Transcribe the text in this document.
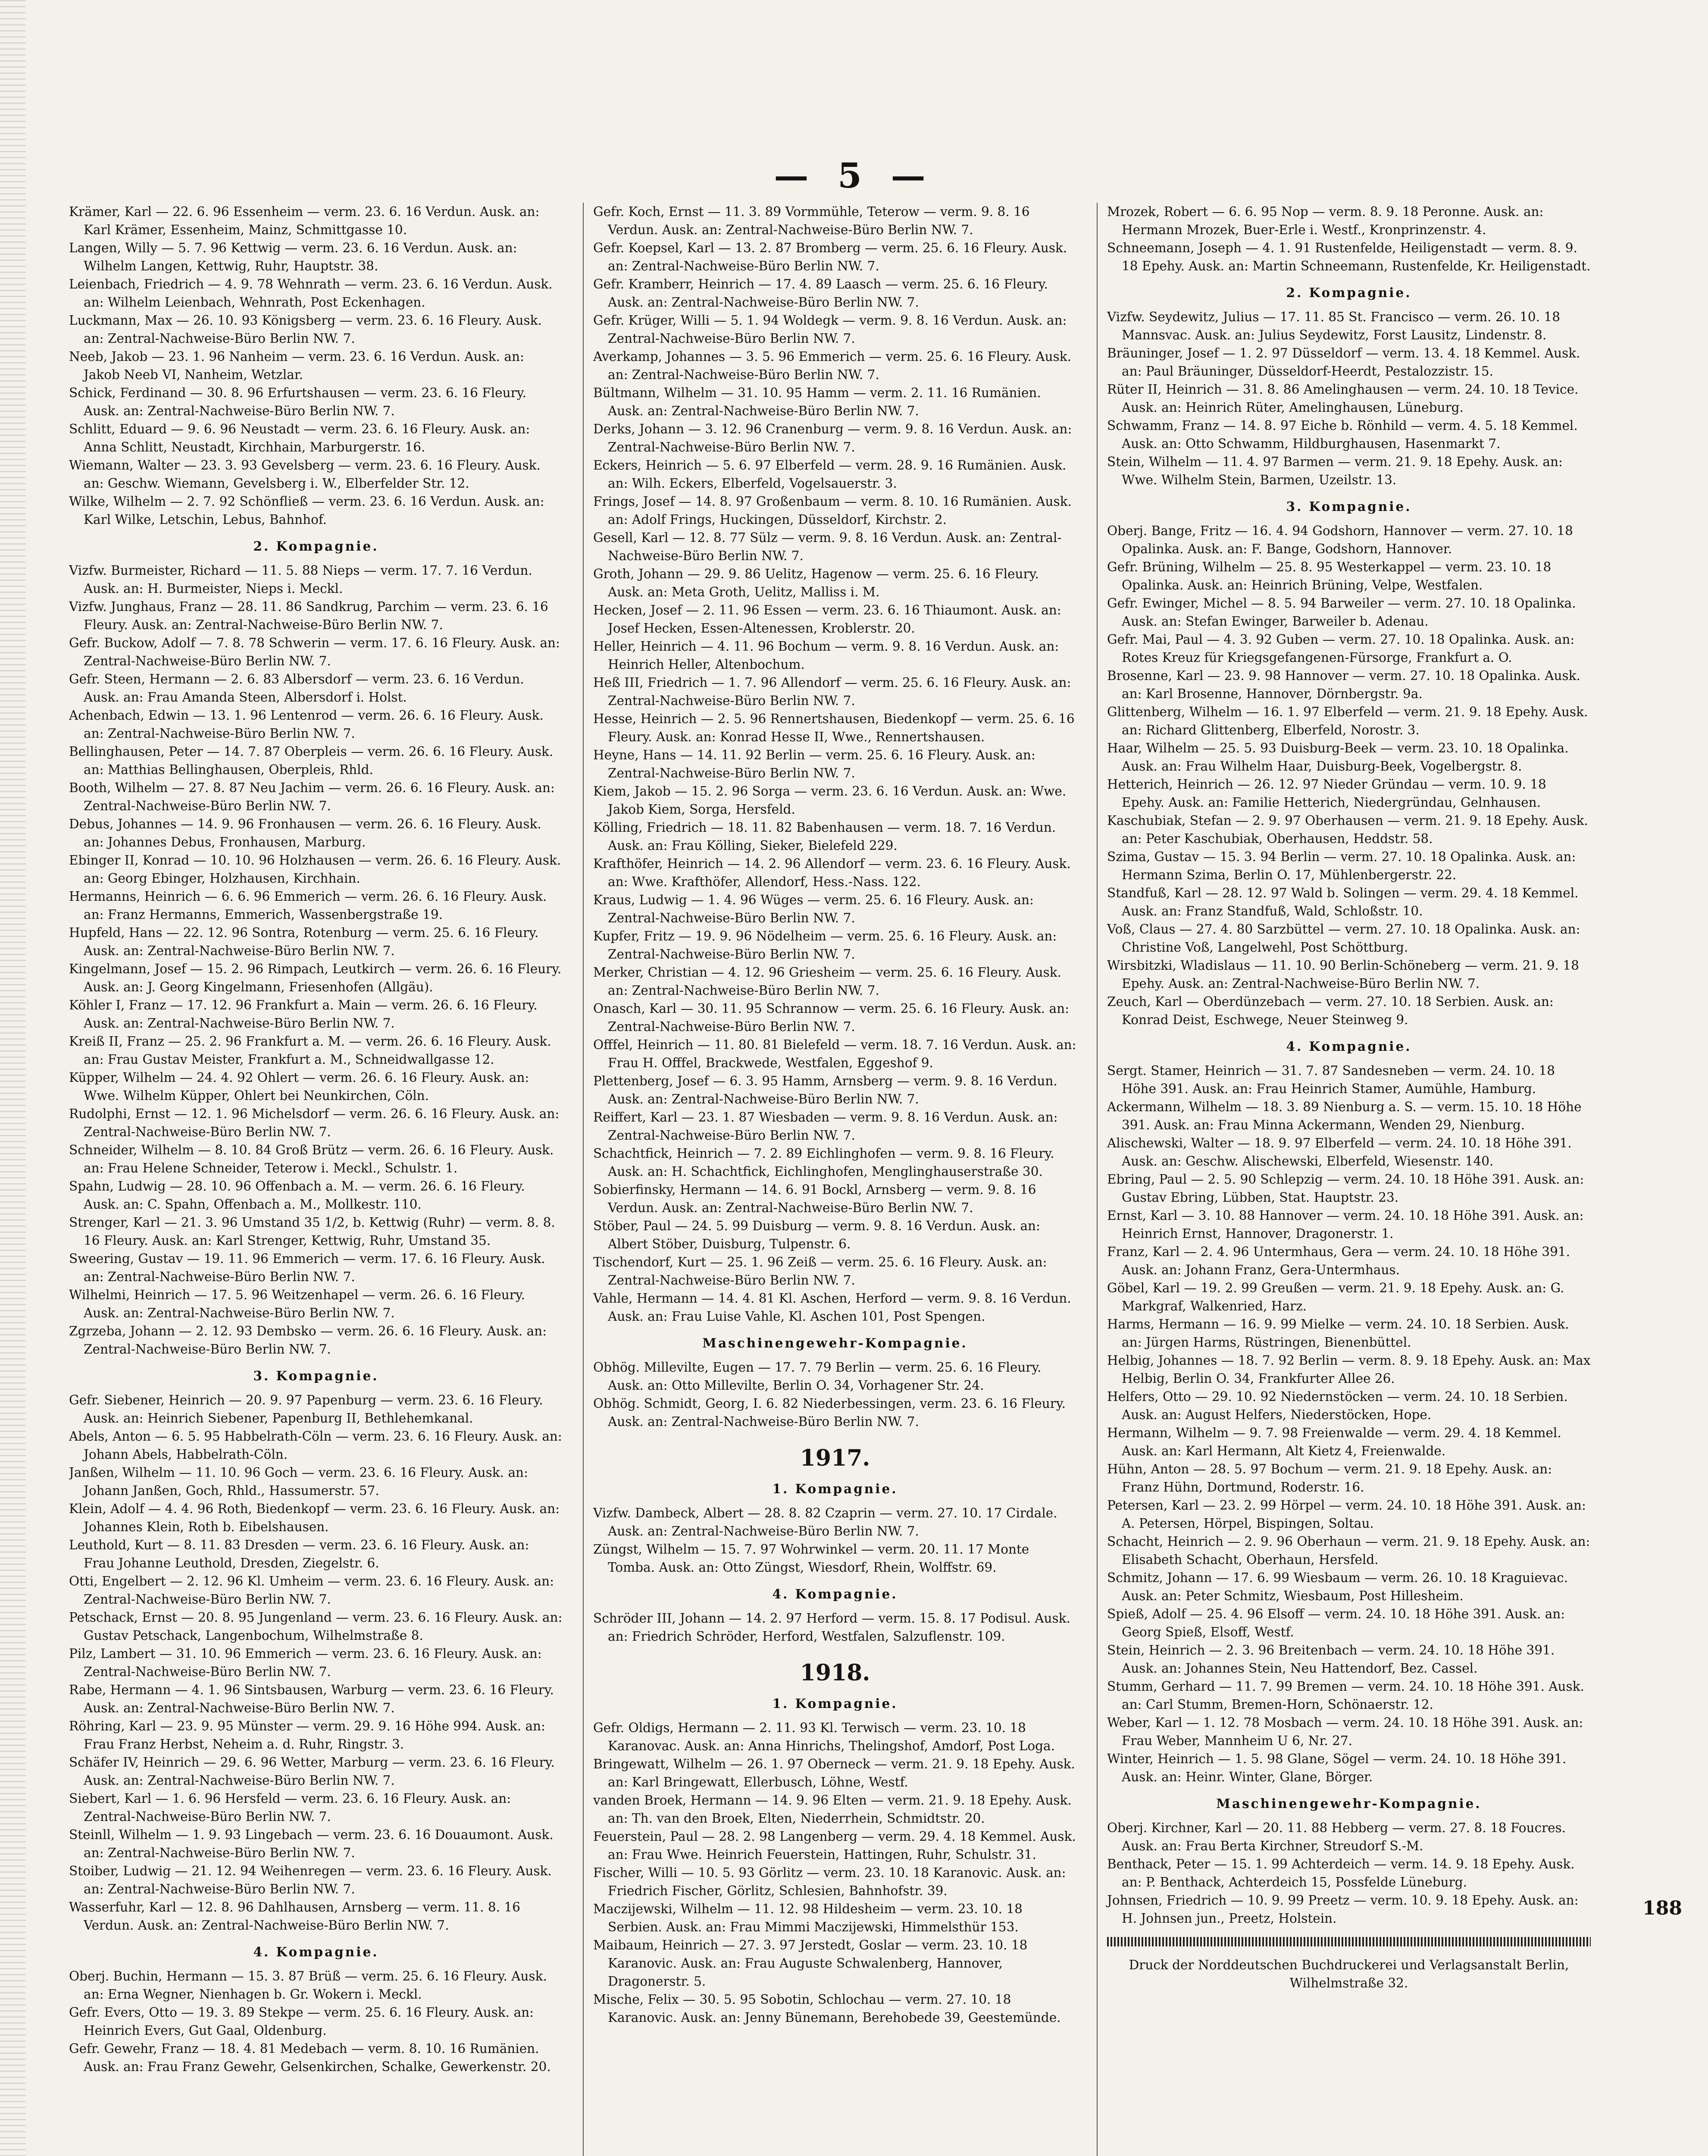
— 5 —

Krämer, Karl — 22. 6. 96 Essenheim — verm. 23. 6. 16 Verdun. Ausk. an: Karl Krämer, Essenheim, Mainz, Schmittgasse 10.

Langen, Willy — 5. 7. 96 Kettwig — verm. 23. 6. 16 Verdun. Ausk. an: Wilhelm Langen, Kettwig, Ruhr, Hauptstr. 38.

Leienbach, Friedrich — 4. 9. 78 Wehnrath — verm. 23. 6. 16 Verdun. Ausk. an: Wilhelm Leienbach, Wehnrath, Post Eckenhagen.

Luckmann, Max — 26. 10. 93 Königsberg — verm. 23. 6. 16 Fleury. Ausk. an: Zentral-Nachweise-Büro Berlin NW. 7.

Neeb, Jakob — 23. 1. 96 Nanheim — verm. 23. 6. 16 Verdun. Ausk. an: Jakob Neeb VI, Nanheim, Wetzlar.

Schick, Ferdinand — 30. 8. 96 Erfurtshausen — verm. 23. 6. 16 Fleury. Ausk. an: Zentral-Nachweise-Büro Berlin NW. 7.

Schlitt, Eduard — 9. 6. 96 Neustadt — verm. 23. 6. 16 Fleury. Ausk. an: Anna Schlitt, Neustadt, Kirchhain, Marburgerstr. 16.

Wiemann, Walter — 23. 3. 93 Gevelsberg — verm. 23. 6. 16 Fleury. Ausk. an: Geschw. Wiemann, Gevelsberg i. W., Elberfelder Str. 12.

Wilke, Wilhelm — 2. 7. 92 Schönfließ — verm. 23. 6. 16 Verdun. Ausk. an: Karl Wilke, Letschin, Lebus, Bahnhof.

2. Kompagnie.

Vizfw. Burmeister, Richard — 11. 5. 88 Nieps — verm. 17. 7. 16 Verdun. Ausk. an: H. Burmeister, Nieps i. Meckl.

Vizfw. Junghaus, Franz — 28. 11. 86 Sandkrug, Parchim — verm. 23. 6. 16 Fleury. Ausk. an: Zentral-Nachweise-Büro Berlin NW. 7.

Gefr. Buckow, Adolf — 7. 8. 78 Schwerin — verm. 17. 6. 16 Fleury. Ausk. an: Zentral-Nachweise-Büro Berlin NW. 7.

Gefr. Steen, Hermann — 2. 6. 83 Albersdorf — verm. 23. 6. 16 Verdun. Ausk. an: Frau Amanda Steen, Albersdorf i. Holst.

Achenbach, Edwin — 13. 1. 96 Lentenrod — verm. 26. 6. 16 Fleury. Ausk. an: Zentral-Nachweise-Büro Berlin NW. 7.

Bellinghausen, Peter — 14. 7. 87 Oberpleis — verm. 26. 6. 16 Fleury. Ausk. an: Matthias Bellinghausen, Oberpleis, Rhld.

Booth, Wilhelm — 27. 8. 87 Neu Jachim — verm. 26. 6. 16 Fleury. Ausk. an: Zentral-Nachweise-Büro Berlin NW. 7.

Debus, Johannes — 14. 9. 96 Fronhausen — verm. 26. 6. 16 Fleury. Ausk. an: Johannes Debus, Fronhausen, Marburg.

Ebinger II, Konrad — 10. 10. 96 Holzhausen — verm. 26. 6. 16 Fleury. Ausk. an: Georg Ebinger, Holzhausen, Kirchhain.

Hermanns, Heinrich — 6. 6. 96 Emmerich — verm. 26. 6. 16 Fleury. Ausk. an: Franz Hermanns, Emmerich, Wassenbergstraße 19.

Hupfeld, Hans — 22. 12. 96 Sontra, Rotenburg — verm. 25. 6. 16 Fleury. Ausk. an: Zentral-Nachweise-Büro Berlin NW. 7.

Kingelmann, Josef — 15. 2. 96 Rimpach, Leutkirch — verm. 26. 6. 16 Fleury. Ausk. an: J. Georg Kingelmann, Friesenhofen (Allgäu).

Köhler I, Franz — 17. 12. 96 Frankfurt a. Main — verm. 26. 6. 16 Fleury. Ausk. an: Zentral-Nachweise-Büro Berlin NW. 7.

Kreiß II, Franz — 25. 2. 96 Frankfurt a. M. — verm. 26. 6. 16 Fleury. Ausk. an: Frau Gustav Meister, Frankfurt a. M., Schneidwallgasse 12.

Küpper, Wilhelm — 24. 4. 92 Ohlert — verm. 26. 6. 16 Fleury. Ausk. an: Wwe. Wilhelm Küpper, Ohlert bei Neunkirchen, Cöln.

Rudolphi, Ernst — 12. 1. 96 Michelsdorf — verm. 26. 6. 16 Fleury. Ausk. an: Zentral-Nachweise-Büro Berlin NW. 7.

Schneider, Wilhelm — 8. 10. 84 Groß Brütz — verm. 26. 6. 16 Fleury. Ausk. an: Frau Helene Schneider, Teterow i. Meckl., Schulstr. 1.

Spahn, Ludwig — 28. 10. 96 Offenbach a. M. — verm. 26. 6. 16 Fleury. Ausk. an: C. Spahn, Offenbach a. M., Mollkestr. 110.

Strenger, Karl — 21. 3. 96 Umstand 35 1/2, b. Kettwig (Ruhr) — verm. 8. 8. 16 Fleury. Ausk. an: Karl Strenger, Kettwig, Ruhr, Umstand 35.

Sweering, Gustav — 19. 11. 96 Emmerich — verm. 17. 6. 16 Fleury. Ausk. an: Zentral-Nachweise-Büro Berlin NW. 7.

Wilhelmi, Heinrich — 17. 5. 96 Weitzenhapel — verm. 26. 6. 16 Fleury. Ausk. an: Zentral-Nachweise-Büro Berlin NW. 7.

Zgrzeba, Johann — 2. 12. 93 Dembsko — verm. 26. 6. 16 Fleury. Ausk. an: Zentral-Nachweise-Büro Berlin NW. 7.

3. Kompagnie.

Gefr. Siebener, Heinrich — 20. 9. 97 Papenburg — verm. 23. 6. 16 Fleury. Ausk. an: Heinrich Siebener, Papenburg II, Bethlehemkanal.

Abels, Anton — 6. 5. 95 Habbelrath-Cöln — verm. 23. 6. 16 Fleury. Ausk. an: Johann Abels, Habbelrath-Cöln.

Janßen, Wilhelm — 11. 10. 96 Goch — verm. 23. 6. 16 Fleury. Ausk. an: Johann Janßen, Goch, Rhld., Hassumerstr. 57.

Klein, Adolf — 4. 4. 96 Roth, Biedenkopf — verm. 23. 6. 16 Fleury. Ausk. an: Johannes Klein, Roth b. Eibelshausen.

Leuthold, Kurt — 8. 11. 83 Dresden — verm. 23. 6. 16 Fleury. Ausk. an: Frau Johanne Leuthold, Dresden, Ziegelstr. 6.

Otti, Engelbert — 2. 12. 96 Kl. Umheim — verm. 23. 6. 16 Fleury. Ausk. an: Zentral-Nachweise-Büro Berlin NW. 7.

Petschack, Ernst — 20. 8. 95 Jungenland — verm. 23. 6. 16 Fleury. Ausk. an: Gustav Petschack, Langenbochum, Wilhelmstraße 8.

Pilz, Lambert — 31. 10. 96 Emmerich — verm. 23. 6. 16 Fleury. Ausk. an: Zentral-Nachweise-Büro Berlin NW. 7.

Rabe, Hermann — 4. 1. 96 Sintsbausen, Warburg — verm. 23. 6. 16 Fleury. Ausk. an: Zentral-Nachweise-Büro Berlin NW. 7.

Röhring, Karl — 23. 9. 95 Münster — verm. 29. 9. 16 Höhe 994. Ausk. an: Frau Franz Herbst, Neheim a. d. Ruhr, Ringstr. 3.

Schäfer IV, Heinrich — 29. 6. 96 Wetter, Marburg — verm. 23. 6. 16 Fleury. Ausk. an: Zentral-Nachweise-Büro Berlin NW. 7.

Siebert, Karl — 1. 6. 96 Hersfeld — verm. 23. 6. 16 Fleury. Ausk. an: Zentral-Nachweise-Büro Berlin NW. 7.

Steinll, Wilhelm — 1. 9. 93 Lingebach — verm. 23. 6. 16 Douaumont. Ausk. an: Zentral-Nachweise-Büro Berlin NW. 7.

Stoiber, Ludwig — 21. 12. 94 Weihenregen — verm. 23. 6. 16 Fleury. Ausk. an: Zentral-Nachweise-Büro Berlin NW. 7.

Wasserfuhr, Karl — 12. 8. 96 Dahlhausen, Arnsberg — verm. 11. 8. 16 Verdun. Ausk. an: Zentral-Nachweise-Büro Berlin NW. 7.

4. Kompagnie.

Oberj. Buchin, Hermann — 15. 3. 87 Brüß — verm. 25. 6. 16 Fleury. Ausk. an: Erna Wegner, Nienhagen b. Gr. Wokern i. Meckl.

Gefr. Evers, Otto — 19. 3. 89 Stekpe — verm. 25. 6. 16 Fleury. Ausk. an: Heinrich Evers, Gut Gaal, Oldenburg.

Gefr. Gewehr, Franz — 18. 4. 81 Medebach — verm. 8. 10. 16 Rumänien. Ausk. an: Frau Franz Gewehr, Gelsenkirchen, Schalke, Gewerkenstr. 20.

Gefr. Koch, Ernst — 11. 3. 89 Vormmühle, Teterow — verm. 9. 8. 16 Verdun. Ausk. an: Zentral-Nachweise-Büro Berlin NW. 7.

Gefr. Koepsel, Karl — 13. 2. 87 Bromberg — verm. 25. 6. 16 Fleury. Ausk. an: Zentral-Nachweise-Büro Berlin NW. 7.

Gefr. Kramberr, Heinrich — 17. 4. 89 Laasch — verm. 25. 6. 16 Fleury. Ausk. an: Zentral-Nachweise-Büro Berlin NW. 7.

Gefr. Krüger, Willi — 5. 1. 94 Woldegk — verm. 9. 8. 16 Verdun. Ausk. an: Zentral-Nachweise-Büro Berlin NW. 7.

Averkamp, Johannes — 3. 5. 96 Emmerich — verm. 25. 6. 16 Fleury. Ausk. an: Zentral-Nachweise-Büro Berlin NW. 7.

Bültmann, Wilhelm — 31. 10. 95 Hamm — verm. 2. 11. 16 Rumänien. Ausk. an: Zentral-Nachweise-Büro Berlin NW. 7.

Derks, Johann — 3. 12. 96 Cranenburg — verm. 9. 8. 16 Verdun. Ausk. an: Zentral-Nachweise-Büro Berlin NW. 7.

Eckers, Heinrich — 5. 6. 97 Elberfeld — verm. 28. 9. 16 Rumänien. Ausk. an: Wilh. Eckers, Elberfeld, Vogelsauerstr. 3.

Frings, Josef — 14. 8. 97 Großenbaum — verm. 8. 10. 16 Rumänien. Ausk. an: Adolf Frings, Huckingen, Düsseldorf, Kirchstr. 2.

Gesell, Karl — 12. 8. 77 Sülz — verm. 9. 8. 16 Verdun. Ausk. an: Zentral-Nachweise-Büro Berlin NW. 7.

Groth, Johann — 29. 9. 86 Uelitz, Hagenow — verm. 25. 6. 16 Fleury. Ausk. an: Meta Groth, Uelitz, Malliss i. M.

Hecken, Josef — 2. 11. 96 Essen — verm. 23. 6. 16 Thiaumont. Ausk. an: Josef Hecken, Essen-Altenessen, Kroblerstr. 20.

Heller, Heinrich — 4. 11. 96 Bochum — verm. 9. 8. 16 Verdun. Ausk. an: Heinrich Heller, Altenbochum.

Heß III, Friedrich — 1. 7. 96 Allendorf — verm. 25. 6. 16 Fleury. Ausk. an: Zentral-Nachweise-Büro Berlin NW. 7.

Hesse, Heinrich — 2. 5. 96 Rennertshausen, Biedenkopf — verm. 25. 6. 16 Fleury. Ausk. an: Konrad Hesse II, Wwe., Rennertshausen.

Heyne, Hans — 14. 11. 92 Berlin — verm. 25. 6. 16 Fleury. Ausk. an: Zentral-Nachweise-Büro Berlin NW. 7.

Kiem, Jakob — 15. 2. 96 Sorga — verm. 23. 6. 16 Verdun. Ausk. an: Wwe. Jakob Kiem, Sorga, Hersfeld.

Kölling, Friedrich — 18. 11. 82 Babenhausen — verm. 18. 7. 16 Verdun. Ausk. an: Frau Kölling, Sieker, Bielefeld 229.

Krafthöfer, Heinrich — 14. 2. 96 Allendorf — verm. 23. 6. 16 Fleury. Ausk. an: Wwe. Krafthöfer, Allendorf, Hess.-Nass. 122.

Kraus, Ludwig — 1. 4. 96 Wüges — verm. 25. 6. 16 Fleury. Ausk. an: Zentral-Nachweise-Büro Berlin NW. 7.

Kupfer, Fritz — 19. 9. 96 Nödelheim — verm. 25. 6. 16 Fleury. Ausk. an: Zentral-Nachweise-Büro Berlin NW. 7.

Merker, Christian — 4. 12. 96 Griesheim — verm. 25. 6. 16 Fleury. Ausk. an: Zentral-Nachweise-Büro Berlin NW. 7.

Onasch, Karl — 30. 11. 95 Schrannow — verm. 25. 6. 16 Fleury. Ausk. an: Zentral-Nachweise-Büro Berlin NW. 7.

Offfel, Heinrich — 11. 80. 81 Bielefeld — verm. 18. 7. 16 Verdun. Ausk. an: Frau H. Offfel, Brackwede, Westfalen, Eggeshof 9.

Plettenberg, Josef — 6. 3. 95 Hamm, Arnsberg — verm. 9. 8. 16 Verdun. Ausk. an: Zentral-Nachweise-Büro Berlin NW. 7.

Reiffert, Karl — 23. 1. 87 Wiesbaden — verm. 9. 8. 16 Verdun. Ausk. an: Zentral-Nachweise-Büro Berlin NW. 7.

Schachtfick, Heinrich — 7. 2. 89 Eichlinghofen — verm. 9. 8. 16 Fleury. Ausk. an: H. Schachtfick, Eichlinghofen, Menglinghauserstraße 30.

Sobierfinsky, Hermann — 14. 6. 91 Bockl, Arnsberg — verm. 9. 8. 16 Verdun. Ausk. an: Zentral-Nachweise-Büro Berlin NW. 7.

Stöber, Paul — 24. 5. 99 Duisburg — verm. 9. 8. 16 Verdun. Ausk. an: Albert Stöber, Duisburg, Tulpenstr. 6.

Tischendorf, Kurt — 25. 1. 96 Zeiß — verm. 25. 6. 16 Fleury. Ausk. an: Zentral-Nachweise-Büro Berlin NW. 7.

Vahle, Hermann — 14. 4. 81 Kl. Aschen, Herford — verm. 9. 8. 16 Verdun. Ausk. an: Frau Luise Vahle, Kl. Aschen 101, Post Spengen.

Maschinengewehr-Kompagnie.

Obhög. Millevilte, Eugen — 17. 7. 79 Berlin — verm. 25. 6. 16 Fleury. Ausk. an: Otto Millevilte, Berlin O. 34, Vorhagener Str. 24.

Obhög. Schmidt, Georg, I. 6. 82 Niederbessingen, verm. 23. 6. 16 Fleury. Ausk. an: Zentral-Nachweise-Büro Berlin NW. 7.

1917.

1. Kompagnie.

Vizfw. Dambeck, Albert — 28. 8. 82 Czaprin — verm. 27. 10. 17 Cirdale. Ausk. an: Zentral-Nachweise-Büro Berlin NW. 7.

Züngst, Wilhelm — 15. 7. 97 Wohrwinkel — verm. 20. 11. 17 Monte Tomba. Ausk. an: Otto Züngst, Wiesdorf, Rhein, Wolffstr. 69.

4. Kompagnie.

Schröder III, Johann — 14. 2. 97 Herford — verm. 15. 8. 17 Podisul. Ausk. an: Friedrich Schröder, Herford, Westfalen, Salzuflenstr. 109.

1918.

1. Kompagnie.

Gefr. Oldigs, Hermann — 2. 11. 93 Kl. Terwisch — verm. 23. 10. 18 Karanovac. Ausk. an: Anna Hinrichs, Thelingshof, Amdorf, Post Loga.

Bringewatt, Wilhelm — 26. 1. 97 Oberneck — verm. 21. 9. 18 Epehy. Ausk. an: Karl Bringewatt, Ellerbusch, Löhne, Westf.

vanden Broek, Hermann — 14. 9. 96 Elten — verm. 21. 9. 18 Epehy. Ausk. an: Th. van den Broek, Elten, Niederrhein, Schmidtstr. 20.

Feuerstein, Paul — 28. 2. 98 Langenberg — verm. 29. 4. 18 Kemmel. Ausk. an: Frau Wwe. Heinrich Feuerstein, Hattingen, Ruhr, Schulstr. 31.

Fischer, Willi — 10. 5. 93 Görlitz — verm. 23. 10. 18 Karanovic. Ausk. an: Friedrich Fischer, Görlitz, Schlesien, Bahnhofstr. 39.

Maczijewski, Wilhelm — 11. 12. 98 Hildesheim — verm. 23. 10. 18 Serbien. Ausk. an: Frau Mimmi Maczijewski, Himmelsthür 153.

Maibaum, Heinrich — 27. 3. 97 Jerstedt, Goslar — verm. 23. 10. 18 Karanovic. Ausk. an: Frau Auguste Schwalenberg, Hannover, Dragonerstr. 5.

Mische, Felix — 30. 5. 95 Sobotin, Schlochau — verm. 27. 10. 18 Karanovic. Ausk. an: Jenny Bünemann, Berehobede 39, Geestemünde.

Mrozek, Robert — 6. 6. 95 Nop — verm. 8. 9. 18 Peronne. Ausk. an: Hermann Mrozek, Buer-Erle i. Westf., Kronprinzenstr. 4.

Schneemann, Joseph — 4. 1. 91 Rustenfelde, Heiligenstadt — verm. 8. 9. 18 Epehy. Ausk. an: Martin Schneemann, Rustenfelde, Kr. Heiligenstadt.

2. Kompagnie.

Vizfw. Seydewitz, Julius — 17. 11. 85 St. Francisco — verm. 26. 10. 18 Mannsvac. Ausk. an: Julius Seydewitz, Forst Lausitz, Lindenstr. 8.

Bräuninger, Josef — 1. 2. 97 Düsseldorf — verm. 13. 4. 18 Kemmel. Ausk. an: Paul Bräuninger, Düsseldorf-Heerdt, Pestalozzistr. 15.

Rüter II, Heinrich — 31. 8. 86 Amelinghausen — verm. 24. 10. 18 Tevice. Ausk. an: Heinrich Rüter, Amelinghausen, Lüneburg.

Schwamm, Franz — 14. 8. 97 Eiche b. Rönhild — verm. 4. 5. 18 Kemmel. Ausk. an: Otto Schwamm, Hildburghausen, Hasenmarkt 7.

Stein, Wilhelm — 11. 4. 97 Barmen — verm. 21. 9. 18 Epehy. Ausk. an: Wwe. Wilhelm Stein, Barmen, Uzeilstr. 13.

3. Kompagnie.

Oberj. Bange, Fritz — 16. 4. 94 Godshorn, Hannover — verm. 27. 10. 18 Opalinka. Ausk. an: F. Bange, Godshorn, Hannover.

Gefr. Brüning, Wilhelm — 25. 8. 95 Westerkappel — verm. 23. 10. 18 Opalinka. Ausk. an: Heinrich Brüning, Velpe, Westfalen.

Gefr. Ewinger, Michel — 8. 5. 94 Barweiler — verm. 27. 10. 18 Opalinka. Ausk. an: Stefan Ewinger, Barweiler b. Adenau.

Gefr. Mai, Paul — 4. 3. 92 Guben — verm. 27. 10. 18 Opalinka. Ausk. an: Rotes Kreuz für Kriegsgefangenen-Fürsorge, Frankfurt a. O.

Brosenne, Karl — 23. 9. 98 Hannover — verm. 27. 10. 18 Opalinka. Ausk. an: Karl Brosenne, Hannover, Dörnbergstr. 9a.

Glittenberg, Wilhelm — 16. 1. 97 Elberfeld — verm. 21. 9. 18 Epehy. Ausk. an: Richard Glittenberg, Elberfeld, Norostr. 3.

Haar, Wilhelm — 25. 5. 93 Duisburg-Beek — verm. 23. 10. 18 Opalinka. Ausk. an: Frau Wilhelm Haar, Duisburg-Beek, Vogelbergstr. 8.

Hetterich, Heinrich — 26. 12. 97 Nieder Gründau — verm. 10. 9. 18 Epehy. Ausk. an: Familie Hetterich, Niedergründau, Gelnhausen.

Kaschubiak, Stefan — 2. 9. 97 Oberhausen — verm. 21. 9. 18 Epehy. Ausk. an: Peter Kaschubiak, Oberhausen, Heddstr. 58.

Szima, Gustav — 15. 3. 94 Berlin — verm. 27. 10. 18 Opalinka. Ausk. an: Hermann Szima, Berlin O. 17, Mühlenbergerstr. 22.

Standfuß, Karl — 28. 12. 97 Wald b. Solingen — verm. 29. 4. 18 Kemmel. Ausk. an: Franz Standfuß, Wald, Schloßstr. 10.

Voß, Claus — 27. 4. 80 Sarzbüttel — verm. 27. 10. 18 Opalinka. Ausk. an: Christine Voß, Langelwehl, Post Schöttburg.

Wirsbitzki, Wladislaus — 11. 10. 90 Berlin-Schöneberg — verm. 21. 9. 18 Epehy. Ausk. an: Zentral-Nachweise-Büro Berlin NW. 7.

Zeuch, Karl — Oberdünzebach — verm. 27. 10. 18 Serbien. Ausk. an: Konrad Deist, Eschwege, Neuer Steinweg 9.

4. Kompagnie.

Sergt. Stamer, Heinrich — 31. 7. 87 Sandesneben — verm. 24. 10. 18 Höhe 391. Ausk. an: Frau Heinrich Stamer, Aumühle, Hamburg.

Ackermann, Wilhelm — 18. 3. 89 Nienburg a. S. — verm. 15. 10. 18 Höhe 391. Ausk. an: Frau Minna Ackermann, Wenden 29, Nienburg.

Alischewski, Walter — 18. 9. 97 Elberfeld — verm. 24. 10. 18 Höhe 391. Ausk. an: Geschw. Alischewski, Elberfeld, Wiesenstr. 140.

Ebring, Paul — 2. 5. 90 Schlepzig — verm. 24. 10. 18 Höhe 391. Ausk. an: Gustav Ebring, Lübben, Stat. Hauptstr. 23.

Ernst, Karl — 3. 10. 88 Hannover — verm. 24. 10. 18 Höhe 391. Ausk. an: Heinrich Ernst, Hannover, Dragonerstr. 1.

Franz, Karl — 2. 4. 96 Untermhaus, Gera — verm. 24. 10. 18 Höhe 391. Ausk. an: Johann Franz, Gera-Untermhaus.

Göbel, Karl — 19. 2. 99 Greußen — verm. 21. 9. 18 Epehy. Ausk. an: G. Markgraf, Walkenried, Harz.

Harms, Hermann — 16. 9. 99 Mielke — verm. 24. 10. 18 Serbien. Ausk. an: Jürgen Harms, Rüstringen, Bienenbüttel.

Helbig, Johannes — 18. 7. 92 Berlin — verm. 8. 9. 18 Epehy. Ausk. an: Max Helbig, Berlin O. 34, Frankfurter Allee 26.

Helfers, Otto — 29. 10. 92 Niedernstöcken — verm. 24. 10. 18 Serbien. Ausk. an: August Helfers, Niederstöcken, Hope.

Hermann, Wilhelm — 9. 7. 98 Freienwalde — verm. 29. 4. 18 Kemmel. Ausk. an: Karl Hermann, Alt Kietz 4, Freienwalde.

Hühn, Anton — 28. 5. 97 Bochum — verm. 21. 9. 18 Epehy. Ausk. an: Franz Hühn, Dortmund, Roderstr. 16.

Petersen, Karl — 23. 2. 99 Hörpel — verm. 24. 10. 18 Höhe 391. Ausk. an: A. Petersen, Hörpel, Bispingen, Soltau.

Schacht, Heinrich — 2. 9. 96 Oberhaun — verm. 21. 9. 18 Epehy. Ausk. an: Elisabeth Schacht, Oberhaun, Hersfeld.

Schmitz, Johann — 17. 6. 99 Wiesbaum — verm. 26. 10. 18 Kraguievac. Ausk. an: Peter Schmitz, Wiesbaum, Post Hillesheim.

Spieß, Adolf — 25. 4. 96 Elsoff — verm. 24. 10. 18 Höhe 391. Ausk. an: Georg Spieß, Elsoff, Westf.

Stein, Heinrich — 2. 3. 96 Breitenbach — verm. 24. 10. 18 Höhe 391. Ausk. an: Johannes Stein, Neu Hattendorf, Bez. Cassel.

Stumm, Gerhard — 11. 7. 99 Bremen — verm. 24. 10. 18 Höhe 391. Ausk. an: Carl Stumm, Bremen-Horn, Schönaerstr. 12.

Weber, Karl — 1. 12. 78 Mosbach — verm. 24. 10. 18 Höhe 391. Ausk. an: Frau Weber, Mannheim U 6, Nr. 27.

Winter, Heinrich — 1. 5. 98 Glane, Sögel — verm. 24. 10. 18 Höhe 391. Ausk. an: Heinr. Winter, Glane, Börger.

Maschinengewehr-Kompagnie.

Oberj. Kirchner, Karl — 20. 11. 88 Hebberg — verm. 27. 8. 18 Foucres. Ausk. an: Frau Berta Kirchner, Streudorf S.-M.

Benthack, Peter — 15. 1. 99 Achterdeich — verm. 14. 9. 18 Epehy. Ausk. an: P. Benthack, Achterdeich 15, Possfelde Lüneburg.

Johnsen, Friedrich — 10. 9. 99 Preetz — verm. 10. 9. 18 Epehy. Ausk. an: H. Johnsen jun., Preetz, Holstein.

Druck der Norddeutschen Buchdruckerei und Verlagsanstalt Berlin, Wilhelmstraße 32.

188
